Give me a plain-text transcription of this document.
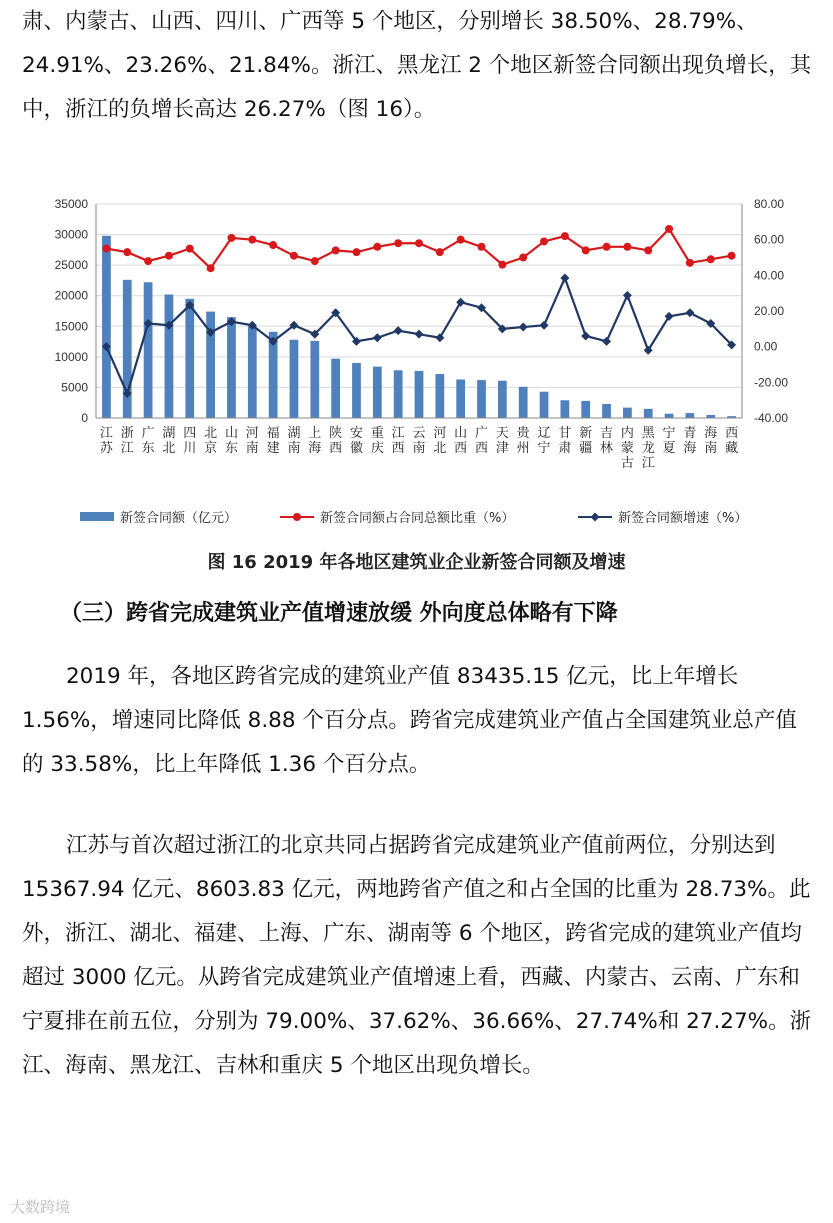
肃、内蒙古、山西、四川、广西等 5 个地区，分别增长 38.50%、28.79%、24.91%、23.26%、21.84%。浙江、黑龙江 2 个地区新签合同额出现负增长，其中，浙江的负增长高达 26.27%（图 16）。

0
5000
10000
15000
20000
25000
30000
35000
-40.00
-20.00
0.00
20.00
40.00
60.00
80.00
江苏
浙江
广东
湖北
四川
北京
山东
河南
福建
湖南
上海
陕西
安徽
重庆
江西
云南
河北
山西
广西
天津
贵州
辽宁
甘肃
新疆
吉林
内蒙古
黑龙江
宁夏
青海
海南
西藏
新签合同额（亿元）	新签合同额占合同总额比重（%）	新签合同额增速（%）
图 16 2019 年各地区建筑业企业新签合同额及增速
（三）跨省完成建筑业产值增速放缓 外向度总体略有下降

2019 年，各地区跨省完成的建筑业产值 83435.15 亿元，比上年增长 1.56%，增速同比降低 8.88 个百分点。跨省完成建筑业产值占全国建筑业总产值的 33.58%，比上年降低 1.36 个百分点。

江苏与首次超过浙江的北京共同占据跨省完成建筑业产值前两位，分别达到 15367.94 亿元、8603.83 亿元，两地跨省产值之和占全国的比重为 28.73%。此外，浙江、湖北、福建、上海、广东、湖南等 6 个地区，跨省完成的建筑业产值均超过 3000 亿元。从跨省完成建筑业产值增速上看，西藏、内蒙古、云南、广东和宁夏排在前五位，分别为 79.00%、37.62%、36.66%、27.74%和 27.27%。浙江、海南、黑龙江、吉林和重庆 5 个地区出现负增长。

大数跨境
